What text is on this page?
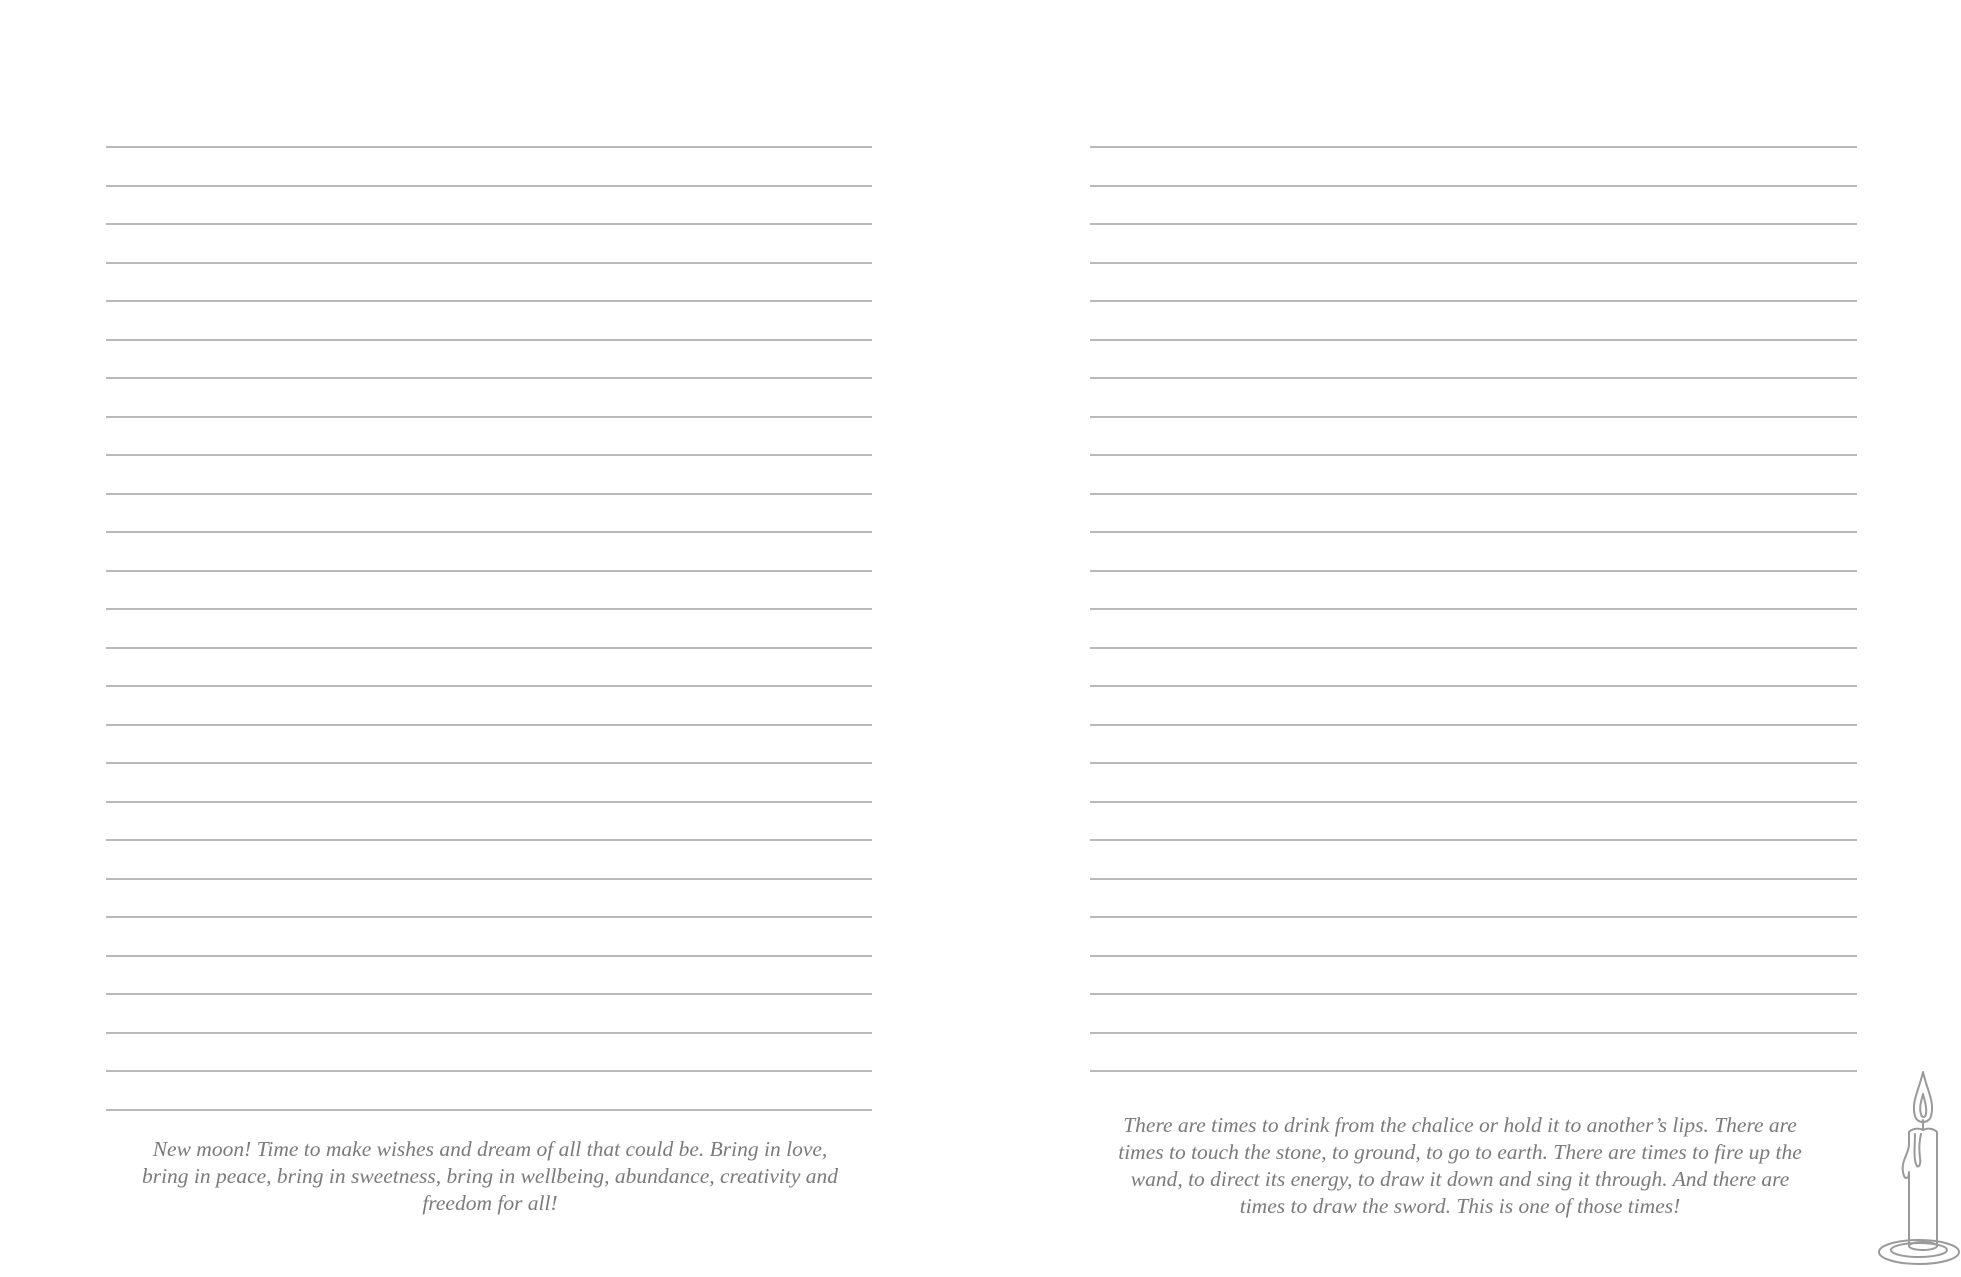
New moon! Time to make wishes and dream of all that could be. Bring in love, bring in peace, bring in sweetness, bring in wellbeing, abundance, creativity and freedom for all!

There are times to drink from the chalice or hold it to another’s lips. There are times to touch the stone, to ground, to go to earth. There are times to fire up the wand, to direct its energy, to draw it down and sing it through. And there are times to draw the sword. This is one of those times!
